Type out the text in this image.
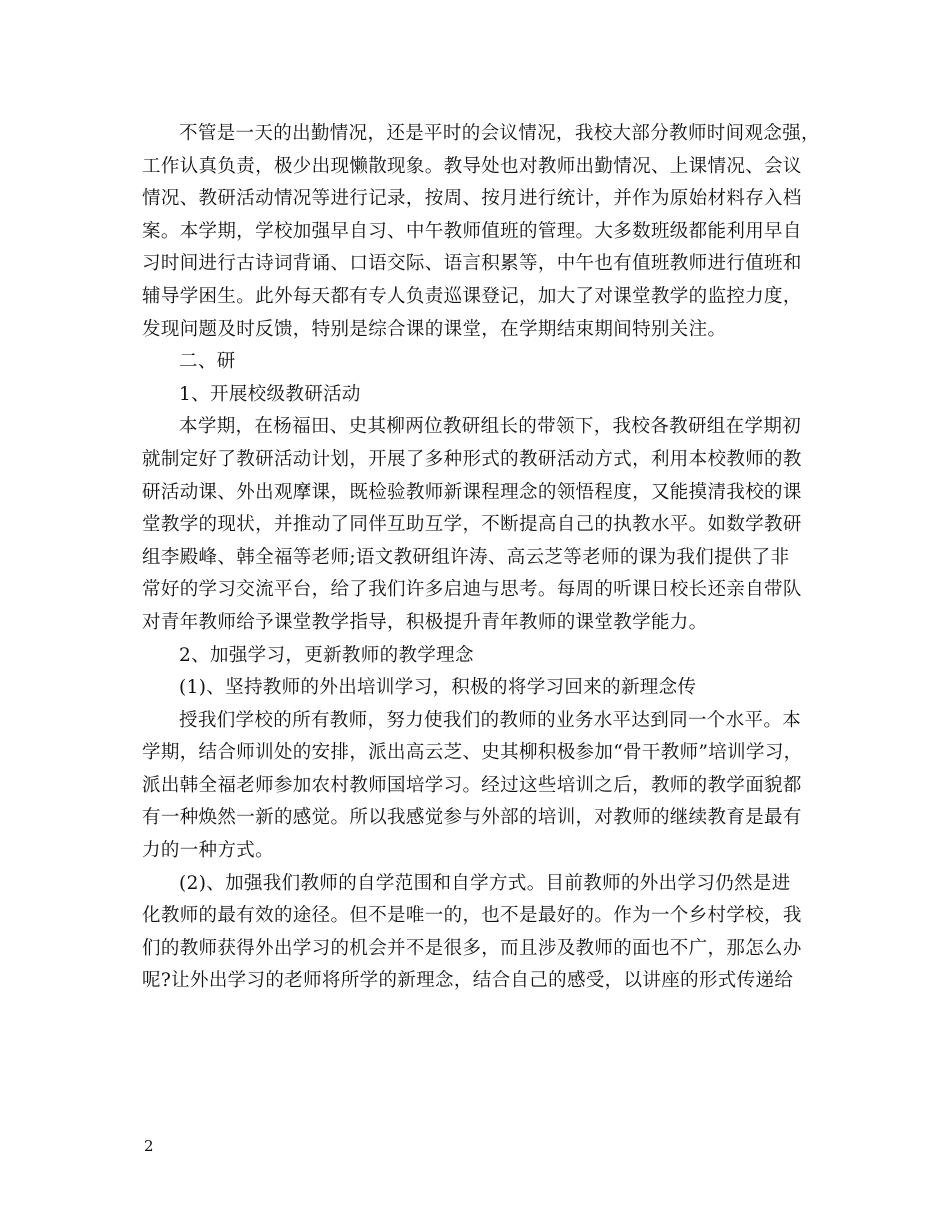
不管是一天的出勤情况，还是平时的会议情况，我校大部分教师时间观念强，
工作认真负责，极少出现懒散现象。教导处也对教师出勤情况、上课情况、会议
情况、教研活动情况等进行记录，按周、按月进行统计，并作为原始材料存入档
案。本学期，学校加强早自习、中午教师值班的管理。大多数班级都能利用早自
习时间进行古诗词背诵、口语交际、语言积累等，中午也有值班教师进行值班和
辅导学困生。此外每天都有专人负责巡课登记，加大了对课堂教学的监控力度，
发现问题及时反馈，特别是综合课的课堂，在学期结束期间特别关注。
二、研
1、开展校级教研活动
本学期，在杨福田、史其柳两位教研组长的带领下，我校各教研组在学期初
就制定好了教研活动计划，开展了多种形式的教研活动方式，利用本校教师的教
研活动课、外出观摩课，既检验教师新课程理念的领悟程度，又能摸清我校的课
堂教学的现状，并推动了同伴互助互学，不断提高自己的执教水平。如数学教研
组李殿峰、韩全福等老师;语文教研组许涛、高云芝等老师的课为我们提供了非
常好的学习交流平台，给了我们许多启迪与思考。每周的听课日校长还亲自带队
对青年教师给予课堂教学指导，积极提升青年教师的课堂教学能力。
2、加强学习，更新教师的教学理念
(1)、坚持教师的外出培训学习，积极的将学习回来的新理念传
授我们学校的所有教师，努力使我们的教师的业务水平达到同一个水平。本
学期，结合师训处的安排，派出高云芝、史其柳积极参加“骨干教师”培训学习，
派出韩全福老师参加农村教师国培学习。经过这些培训之后，教师的教学面貌都
有一种焕然一新的感觉。所以我感觉参与外部的培训，对教师的继续教育是最有
力的一种方式。
(2)、加强我们教师的自学范围和自学方式。目前教师的外出学习仍然是进
化教师的最有效的途径。但不是唯一的，也不是最好的。作为一个乡村学校，我
们的教师获得外出学习的机会并不是很多，而且涉及教师的面也不广，那怎么办
呢?让外出学习的老师将所学的新理念，结合自己的感受，以讲座的形式传递给
2
